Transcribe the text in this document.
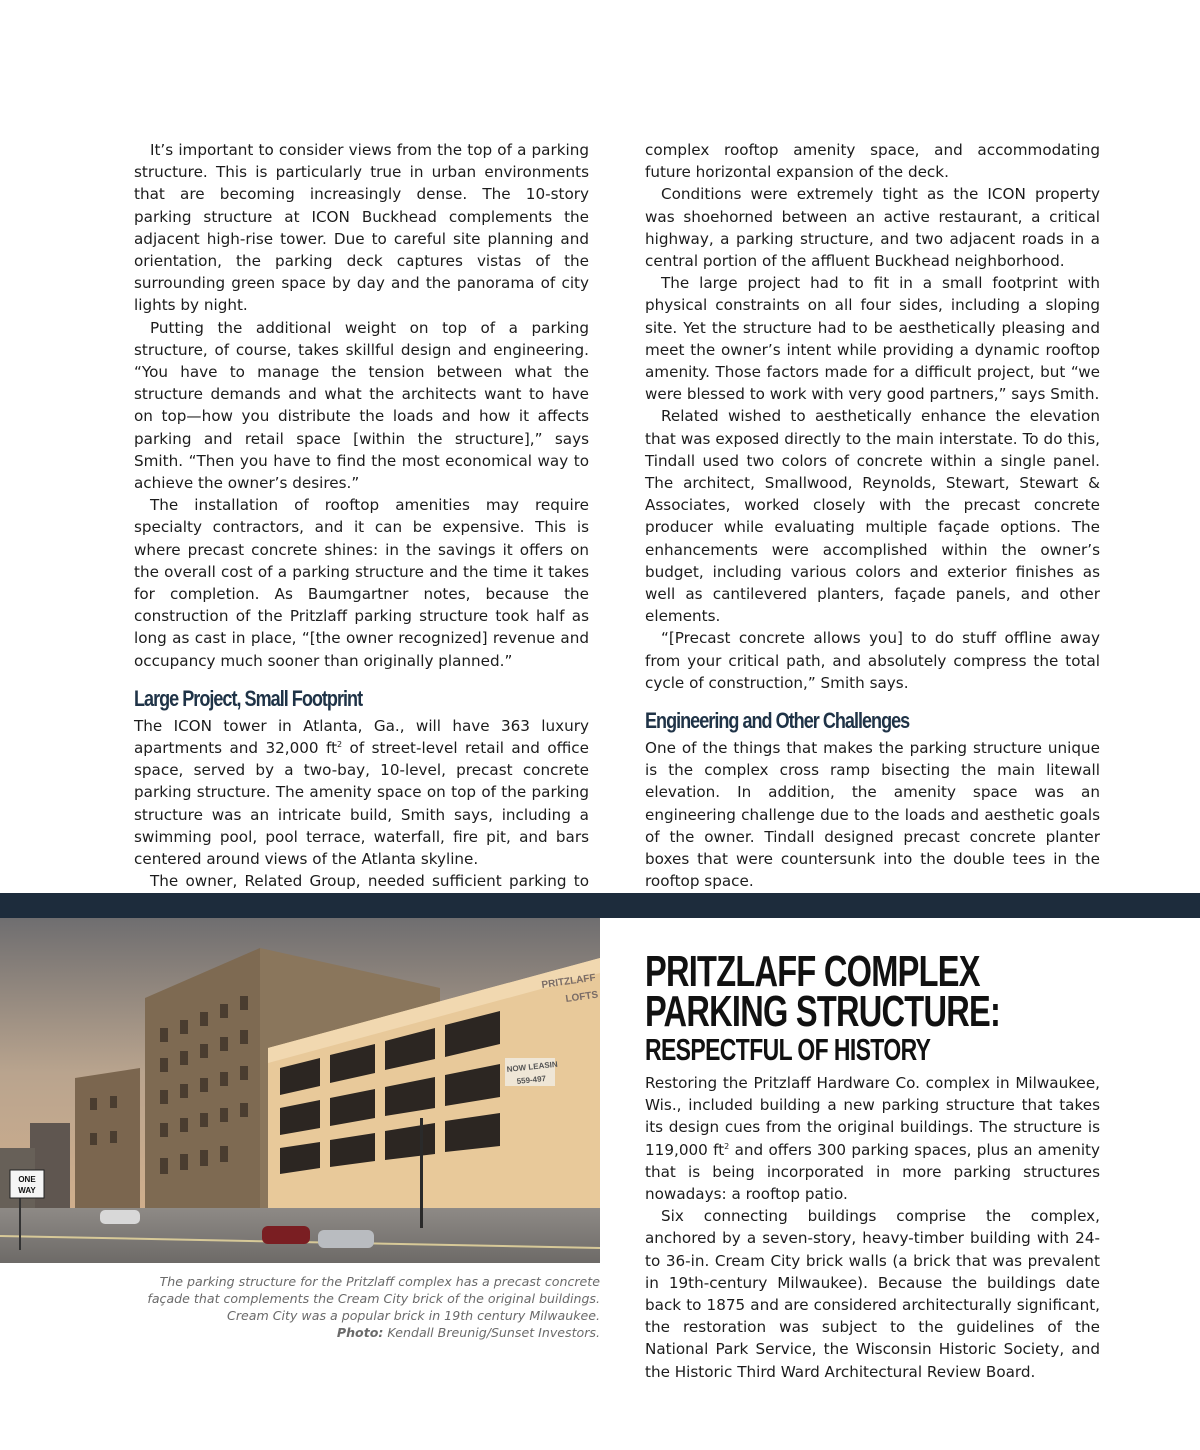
It’s important to consider views from the top of a parking structure. This is particularly true in urban environments that are becoming increasingly dense. The 10-story parking structure at ICON Buckhead complements the adjacent high-rise tower. Due to careful site planning and orientation, the parking deck captures vistas of the surrounding green space by day and the panorama of city lights by night.

Putting the additional weight on top of a parking structure, of course, takes skillful design and engineering. “You have to manage the tension between what the structure demands and what the architects want to have on top—how you distribute the loads and how it affects parking and retail space [within the structure],” says Smith. “Then you have to find the most economical way to achieve the owner’s desires.”

The installation of rooftop amenities may require specialty contractors, and it can be expensive. This is where precast concrete shines: in the savings it offers on the overall cost of a parking structure and the time it takes for completion. As Baumgartner notes, because the construction of the Pritzlaff parking structure took half as long as cast in place, “[the owner recognized] revenue and occupancy much sooner than originally planned.”

Large Project, Small Footprint

The ICON tower in Atlanta, Ga., will have 363 luxury apartments and 32,000 $ft^2$ of street-level retail and office space, served by a two-bay, 10-level, precast concrete parking structure. The amenity space on top of the parking structure was an intricate build, Smith says, including a swimming pool, pool terrace, waterfall, fire pit, and bars centered around views of the Atlanta skyline.

The owner, Related Group, needed sufficient parking to

complex rooftop amenity space, and accommodating future horizontal expansion of the deck.

Conditions were extremely tight as the ICON property was shoehorned between an active restaurant, a critical highway, a parking structure, and two adjacent roads in a central portion of the affluent Buckhead neighborhood.

The large project had to fit in a small footprint with physical constraints on all four sides, including a sloping site. Yet the structure had to be aesthetically pleasing and meet the owner’s intent while providing a dynamic rooftop amenity. Those factors made for a difficult project, but “we were blessed to work with very good partners,” says Smith.

Related wished to aesthetically enhance the elevation that was exposed directly to the main interstate. To do this, Tindall used two colors of concrete within a single panel. The architect, Smallwood, Reynolds, Stewart, Stewart & Associates, worked closely with the precast concrete producer while evaluating multiple façade options. The enhancements were accomplished within the owner’s budget, including various colors and exterior finishes as well as cantilevered planters, façade panels, and other elements.

“[Precast concrete allows you] to do stuff offline away from your critical path, and absolutely compress the total cycle of construction,” Smith says.

Engineering and Other Challenges

One of the things that makes the parking structure unique is the complex cross ramp bisecting the main litewall elevation. In addition, the amenity space was an engineering challenge due to the loads and aesthetic goals of the owner. Tindall designed precast concrete planter boxes that were countersunk into the double tees in the rooftop space.

PRITZLAFF
LOFTS
NOW LEASIN
559-497
ONE
WAY
The parking structure for the Pritzlaff complex has a precast concrete façade that complements the Cream City brick of the original buildings. Cream City was a popular brick in 19th century Milwaukee.
Photo: Kendall Breunig/Sunset Investors.
PRITZLAFF COMPLEX
PARKING STRUCTURE:
RESPECTFUL OF HISTORY

Restoring the Pritzlaff Hardware Co. complex in Milwaukee, Wis., included building a new parking structure that takes its design cues from the original buildings. The structure is 119,000 $ft^2$ and offers 300 parking spaces, plus an amenity that is being incorporated in more parking structures nowadays: a rooftop patio.

Six connecting buildings comprise the complex, anchored by a seven-story, heavy-timber building with 24- to 36-in. Cream City brick walls (a brick that was prevalent in 19th-century Milwaukee). Because the buildings date back to 1875 and are considered architecturally significant, the restoration was subject to the guidelines of the National Park Service, the Wisconsin Historic Society, and the Historic Third Ward Architectural Review Board.
